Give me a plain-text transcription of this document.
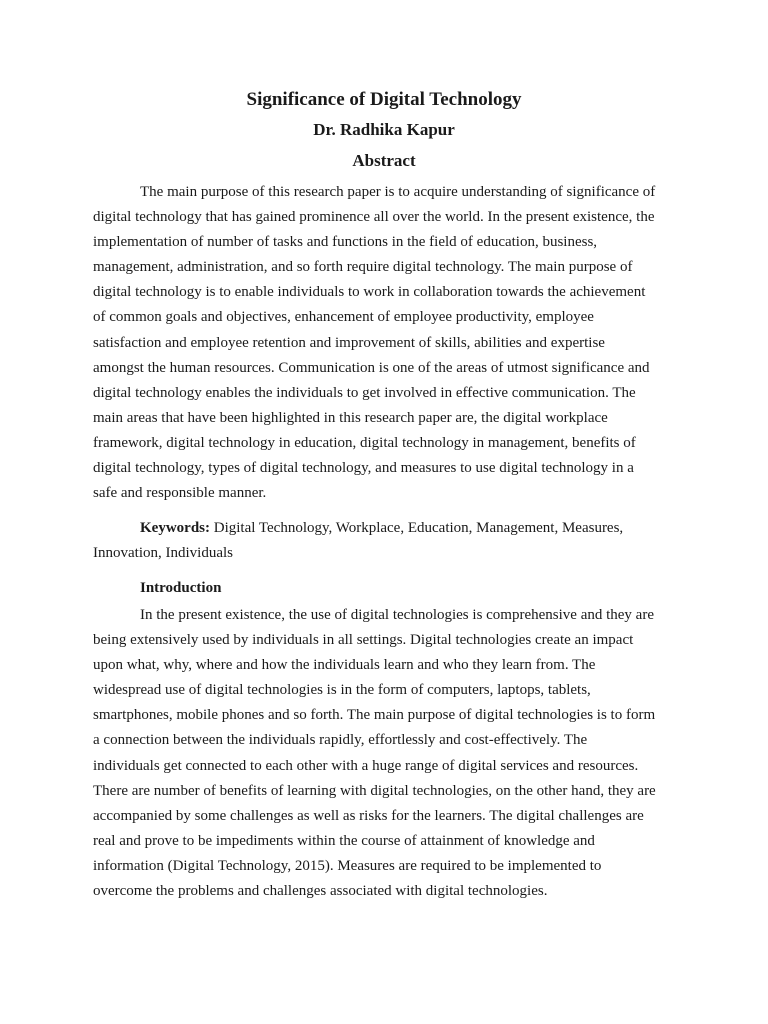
Significance of Digital Technology
Dr. Radhika Kapur
Abstract
The main purpose of this research paper is to acquire understanding of significance of
digital technology that has gained prominence all over the world. In the present existence, the
implementation of number of tasks and functions in the field of education, business,
management, administration, and so forth require digital technology. The main purpose of
digital technology is to enable individuals to work in collaboration towards the achievement
of common goals and objectives, enhancement of employee productivity, employee
satisfaction and employee retention and improvement of skills, abilities and expertise
amongst the human resources. Communication is one of the areas of utmost significance and
digital technology enables the individuals to get involved in effective communication. The
main areas that have been highlighted in this research paper are, the digital workplace
framework, digital technology in education, digital technology in management, benefits of
digital technology, types of digital technology, and measures to use digital technology in a
safe and responsible manner.
Keywords: Digital Technology, Workplace, Education, Management, Measures,
Innovation, Individuals
Introduction
In the present existence, the use of digital technologies is comprehensive and they are
being extensively used by individuals in all settings. Digital technologies create an impact
upon what, why, where and how the individuals learn and who they learn from. The
widespread use of digital technologies is in the form of computers, laptops, tablets,
smartphones, mobile phones and so forth. The main purpose of digital technologies is to form
a connection between the individuals rapidly, effortlessly and cost-effectively. The
individuals get connected to each other with a huge range of digital services and resources.
There are number of benefits of learning with digital technologies, on the other hand, they are
accompanied by some challenges as well as risks for the learners. The digital challenges are
real and prove to be impediments within the course of attainment of knowledge and
information (Digital Technology, 2015). Measures are required to be implemented to
overcome the problems and challenges associated with digital technologies.
